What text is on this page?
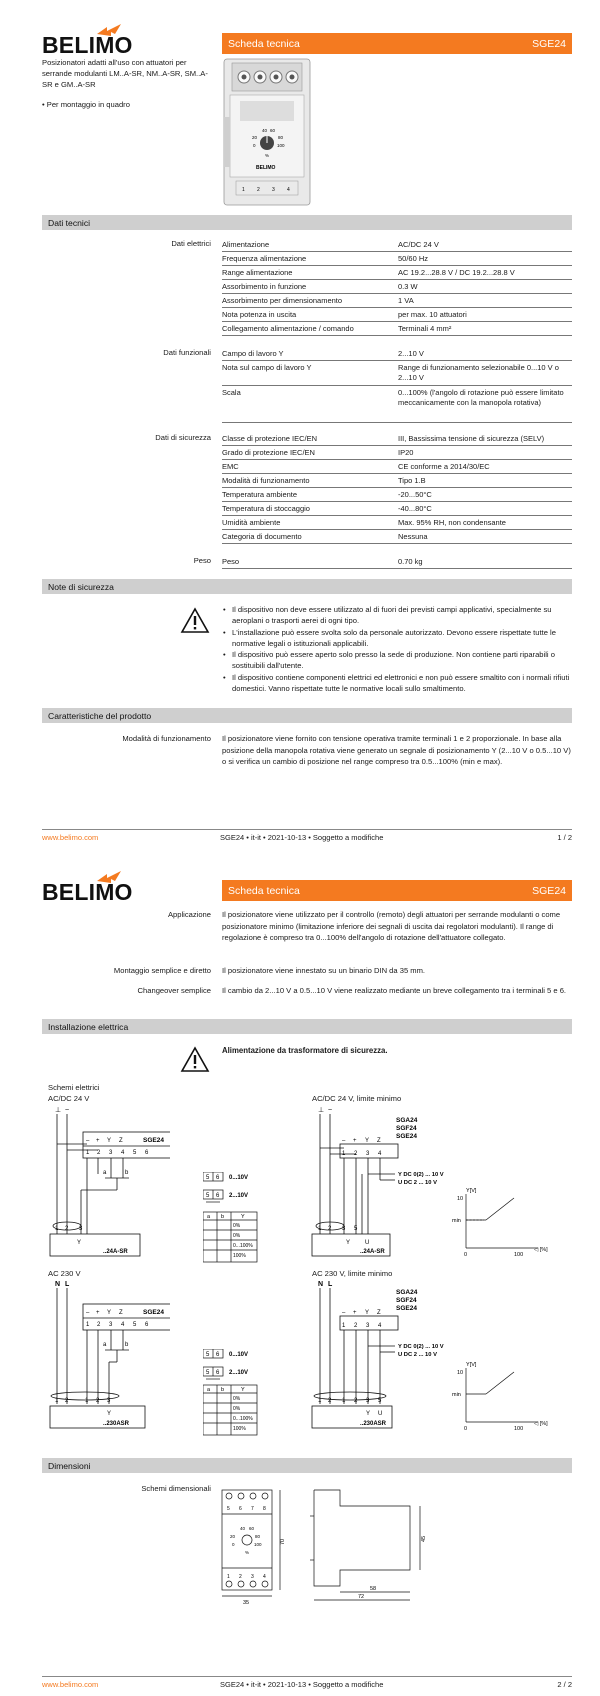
BELIMO	Scheda tecnica	SGE24
Posizionatori adatti all'uso con attuatori per serrande modulanti LM..A-SR, NM..A-SR, SM..A-SR e GM..A-SR
• Per montaggio in quadro
40 60
20	80
0	100
%
BELIMO
1 2 3 4
Dati tecnici
Dati elettrici Alimentazione	AC/DC 24 V
Frequenza alimentazione	50/60 Hz
Range alimentazione	AC 19.2...28.8 V / DC 19.2...28.8 V
Assorbimento in funzione	0.3 W
Assorbimento per dimensionamento	1 VA
Nota potenza in uscita	per max. 10 attuatori
Collegamento alimentazione / comando	Terminali 4 mm²
Dati funzionali Campo di lavoro Y	2...10 V
Nota sul campo di lavoro Y	Range di funzionamento selezionabile 0...10 V o 2...10 V
Scala	0...100% (l'angolo di rotazione può essere limitato meccanicamente con la manopola rotativa)
Dati di sicurezza Classe di protezione IEC/EN	III, Bassissima tensione di sicurezza (SELV)
Grado di protezione IEC/EN	IP20
EMC	CE conforme a 2014/30/EC
Modalità di funzionamento	Tipo 1.B
Temperatura ambiente	-20...50°C
Temperatura di stoccaggio	-40...80°C
Umidità ambiente	Max. 95% RH, non condensante
Categoria di documento	Nessuna
Peso Peso	0.70 kg
Note di sicurezza
• Il dispositivo non deve essere utilizzato al di fuori dei previsti campi applicativi, specialmente su aeroplani o trasporti aerei di ogni tipo.
• L'installazione può essere svolta solo da personale autorizzato. Devono essere rispettate tutte le normative legali o istituzionali applicabili.
• Il dispositivo può essere aperto solo presso la sede di produzione. Non contiene parti riparabili o sostituibili dall'utente.
• Il dispositivo contiene componenti elettrici ed elettronici e non può essere smaltito con i normali rifiuti domestici. Vanno rispettate tutte le normative locali sullo smaltimento.
Caratteristiche del prodotto
Modalità di funzionamento Il posizionatore viene fornito con tensione operativa tramite terminali 1 e 2 proporzionale. In base alla posizione della manopola rotativa viene generato un segnale di posizionamento Y (2...10 V o 0.5...10 V) o si verifica un cambio di posizione nel range compreso tra 0.5...100% (min e max).
www.belimo.com	SGE24 • it-it • 2021-10-13 • Soggetto a modifiche	1 / 2
BELIMO	Scheda tecnica	SGE24
Applicazione Il posizionatore viene utilizzato per il controllo (remoto) degli attuatori per serrande modulanti o come posizionatore minimo (limitazione inferiore dei segnali di uscita dai regolatori modulanti). Il range di regolazione è compreso tra 0...100% dell'angolo di rotazione dell'attuatore collegato.
Montaggio semplice e diretto Il posizionatore viene innestato su un binario DIN da 35 mm.
Changeover semplice Il cambio da 2...10 V a 0.5...10 V viene realizzato mediante un breve collegamento tra i terminali 5 e 6.
Installazione elettrica
Alimentazione da trasformatore di sicurezza.
Schemi elettrici
AC/DC 24 V	AC/DC 24 V, limite minimo
⊥ ~
SGE24
– + Y Z
1 2 3 4 5 6
a	b
1 2 3
Y
..24A-SR
5 6 0...10V
5 6 2...10V
a b	Y
0%
0%
0...100%
100%
⊥ ~
SGA24
SGF24
SGE24
– + Y Z
1 2 3 4
Y DC 0(2) ... 10 V
U DC 2 ... 10 V
1 2 3 5
Y U
..24A-SR
Y[V]
10
min
0	100
◁ [%]
AC 230 V	AC 230 V, limite minimo
N L
SGE24
– + Y Z
1 2 3 4 5 6
a	b
1 2	1 2 3
Y
..230ASR
5 6 0...10V
5 6 2...10V
a b	Y
0%
0%
0...100%
100%
N L
SGA24
SGF24
SGE24
– + Y Z
1 2 3 4
Y DC 0(2) ... 10 V
U DC 2 ... 10 V
1 2 1 2 3 5
Y U
..230ASR
Y[V]
10
min
0	100
◁ [%]
Dimensioni
Schemi dimensionali
5 6 7 8
40 60
20	80
0	100
%
1 2 3 4
35
70	45
58
72
www.belimo.com	SGE24 • it-it • 2021-10-13 • Soggetto a modifiche	2 / 2
